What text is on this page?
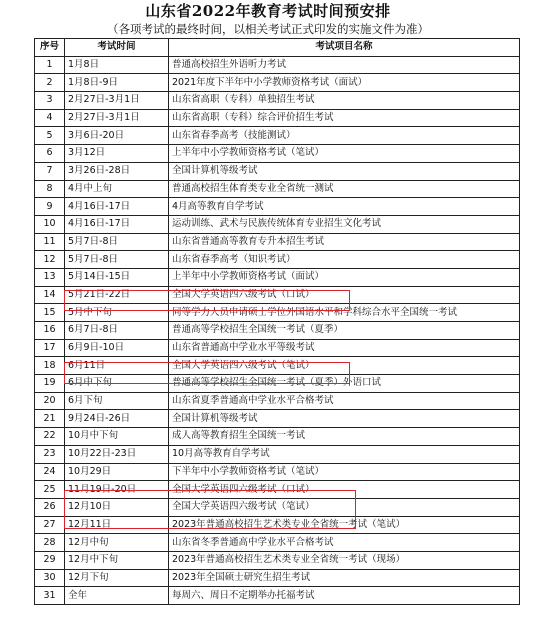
山东省2022年教育考试时间预安排
（各项考试的最终时间，以相关考试正式印发的实施文件为准）
序号	考试时间	考试项目名称
1	1月8日	普通高校招生外语听力考试
2	1月8日-9日	2021年度下半年中小学教师资格考试（面试）
3	2月27日-3月1日	山东省高职（专科）单独招生考试
4	2月27日-3月1日	山东省高职（专科）综合评价招生考试
5	3月6日-20日	山东省春季高考（技能测试）
6	3月12日	上半年中小学教师资格考试（笔试）
7	3月26日-28日	全国计算机等级考试
8	4月中上旬	普通高校招生体育类专业全省统一测试
9	4月16日-17日	4月高等教育自学考试
10	4月16日-17日	运动训练、武术与民族传统体育专业招生文化考试
11	5月7日-8日	山东省普通高等教育专升本招生考试
12	5月7日-8日	山东省春季高考（知识考试）
13	5月14日-15日	上半年中小学教师资格考试（面试）
14	5月21日-22日	全国大学英语四六级考试（口试）
15	5月中下旬	同等学力人员申请硕士学位外国语水平和学科综合水平全国统一考试
16	6月7日-8日	普通高等学校招生全国统一考试（夏季）
17	6月9日-10日	山东省普通高中学业水平等级考试
18	6月11日	全国大学英语四六级考试（笔试）
19	6月中下旬	普通高等学校招生全国统一考试（夏季）外语口试
20	6月下旬	山东省夏季普通高中学业水平合格考试
21	9月24日-26日	全国计算机等级考试
22	10月中下旬	成人高等教育招生全国统一考试
23	10月22日-23日	10月高等教育自学考试
24	10月29日	下半年中小学教师资格考试（笔试）
25	11月19日-20日	全国大学英语四六级考试（口试）
26	12月10日	全国大学英语四六级考试（笔试）
27	12月11日	2023年普通高校招生艺术类专业全省统一考试（笔试）
28	12月中旬	山东省冬季普通高中学业水平合格考试
29	12月中下旬	2023年普通高校招生艺术类专业全省统一考试（现场）
30	12月下旬	2023年全国硕士研究生招生考试
31	全年	每周六、周日不定期举办托福考试
